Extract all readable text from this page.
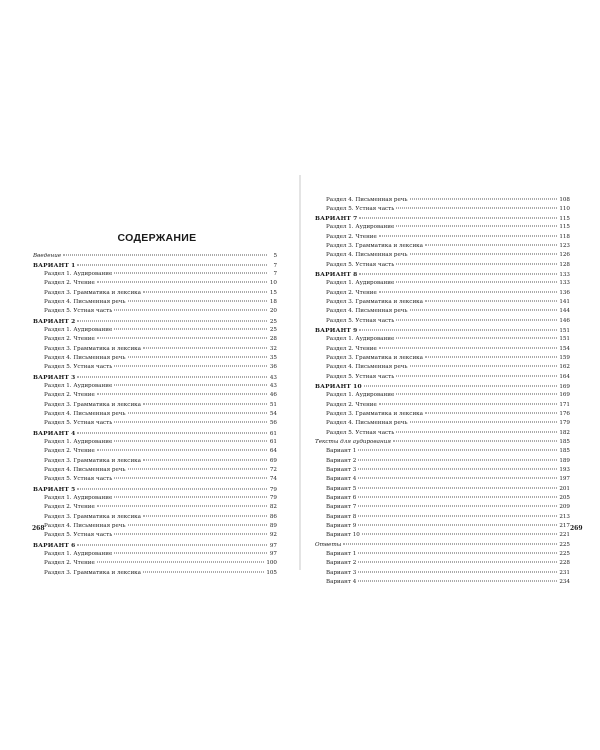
СОДЕРЖАНИЕ
Введение	5
ВАРИАНТ 1	7
Раздел 1. Аудирование	7
Раздел 2. Чтение	10
Раздел 3. Грамматика и лексика	15
Раздел 4. Письменная речь	18
Раздел 5. Устная часть	20
ВАРИАНТ 2	25
Раздел 1. Аудирование	25
Раздел 2. Чтение	28
Раздел 3. Грамматика и лексика	32
Раздел 4. Письменная речь	35
Раздел 5. Устная часть	36
ВАРИАНТ 3	43
Раздел 1. Аудирование	43
Раздел 2. Чтение	46
Раздел 3. Грамматика и лексика	51
Раздел 4. Письменная речь	54
Раздел 5. Устная часть	56
ВАРИАНТ 4	61
Раздел 1. Аудирование	61
Раздел 2. Чтение	64
Раздел 3. Грамматика и лексика	69
Раздел 4. Письменная речь	72
Раздел 5. Устная часть	74
ВАРИАНТ 5	79
Раздел 1. Аудирование	79
Раздел 2. Чтение	82
Раздел 3. Грамматика и лексика	86
Раздел 4. Письменная речь	89
Раздел 5. Устная часть	92
ВАРИАНТ 6	97
Раздел 1. Аудирование	97
Раздел 2. Чтение	100
Раздел 3. Грамматика и лексика	105

268

Раздел 4. Письменная речь	108
Раздел 5. Устная часть	110
ВАРИАНТ 7	115
Раздел 1. Аудирование	115
Раздел 2. Чтение	118
Раздел 3. Грамматика и лексика	123
Раздел 4. Письменная речь	126
Раздел 5. Устная часть	128
ВАРИАНТ 8	133
Раздел 1. Аудирование	133
Раздел 2. Чтение	136
Раздел 3. Грамматика и лексика	141
Раздел 4. Письменная речь	144
Раздел 5. Устная часть	146
ВАРИАНТ 9	151
Раздел 1. Аудирование	151
Раздел 2. Чтение	154
Раздел 3. Грамматика и лексика	159
Раздел 4. Письменная речь	162
Раздел 5. Устная часть	164
ВАРИАНТ 10	169
Раздел 1. Аудирование	169
Раздел 2. Чтение	171
Раздел 3. Грамматика и лексика	176
Раздел 4. Письменная речь	179
Раздел 5. Устная часть	182
Тексты для аудирования	185
Вариант 1	185
Вариант 2	189
Вариант 3	193
Вариант 4	197
Вариант 5	201
Вариант 6	205
Вариант 7	209
Вариант 8	213
Вариант 9	217
Вариант 10	221
Ответы	225
Вариант 1	225
Вариант 2	228
Вариант 3	231
Вариант 4	234

269
